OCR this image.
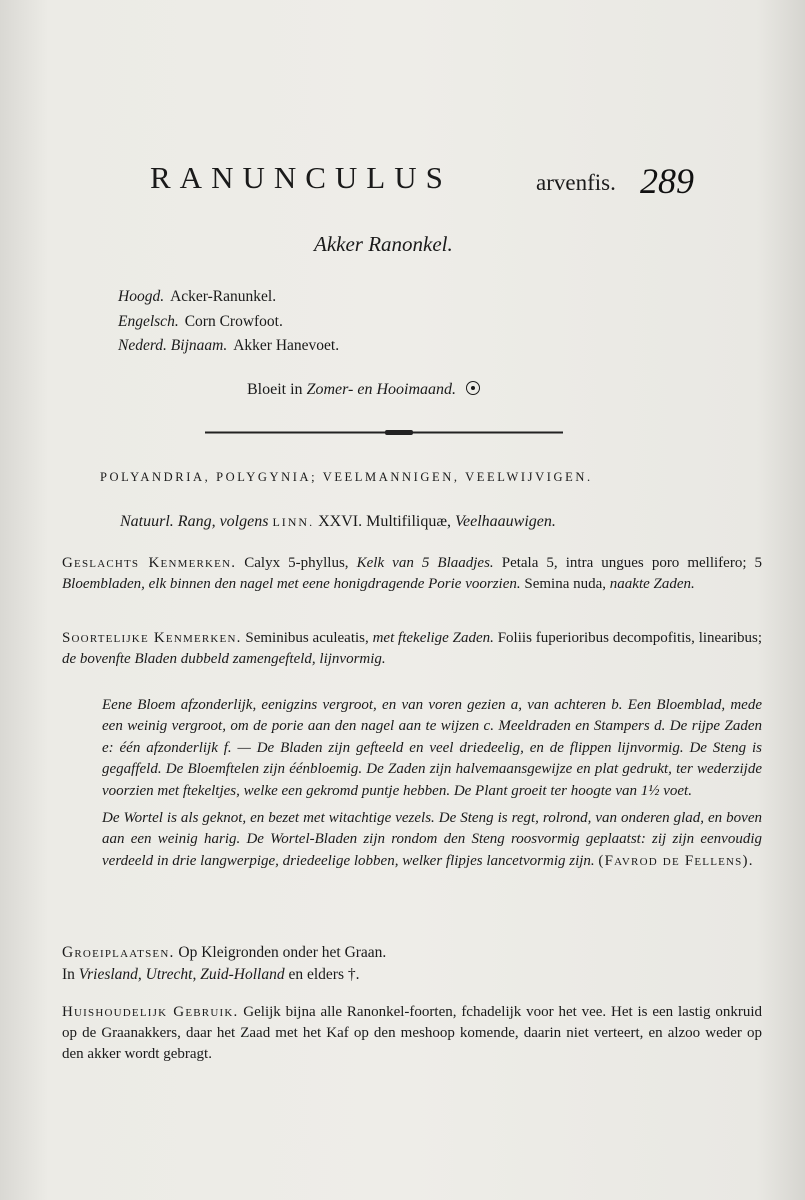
RANUNCULUS	arvenfis. 289
Akker Ranonkel.
Hoogd. Acker-Ranunkel.
Engelsch. Corn Crowfoot.
Nederd. Bijnaam. Akker Hanevoet.
Bloeit in Zomer- en Hooimaand.
POLYANDRIA, POLYGYNIA; VEELMANNIGEN, VEELWIJVIGEN.
Natuurl. Rang, volgens LINN. XXVI. Multifiliquæ, Veelhaauwigen.
Geslachts Kenmerken. Calyx 5-phyllus, Kelk van 5 Blaadjes. Petala 5, intra ungues poro mellifero; 5 Bloembladen, elk binnen den nagel met eene honigdragende Porie voorzien. Semina nuda, naakte Zaden.
Soortelijke Kenmerken. Seminibus aculeatis, met ftekelige Zaden. Foliis fuperioribus decompofitis, linearibus; de bovenfte Bladen dubbeld zamengefteld, lijnvormig.

Eene Bloem afzonderlijk, eenigzins vergroot, en van voren gezien a, van achteren b. Een Bloemblad, mede een weinig vergroot, om de porie aan den nagel aan te wijzen c. Meeldraden en Stampers d. De rijpe Zaden e: één afzonderlijk f. — De Bladen zijn gefteeld en veel driedeelig, en de flippen lijnvormig. De Steng is gegaffeld. De Bloemftelen zijn éénbloemig. De Zaden zijn halvemaansgewijze en plat gedrukt, ter wederzijde voorzien met ftekeltjes, welke een gekromd puntje hebben. De Plant groeit ter hoogte van 1½ voet.

De Wortel is als geknot, en bezet met witachtige vezels. De Steng is regt, rolrond, van onderen glad, en boven aan een weinig harig. De Wortel-Bladen zijn rondom den Steng roosvormig geplaatst: zij zijn eenvoudig verdeeld in drie langwerpige, driedeelige lobben, welker flipjes lancetvormig zijn. (Favrod de Fellens).

Groeiplaatsen. Op Kleigronden onder het Graan.
In Vriesland, Utrecht, Zuid-Holland en elders †.
Huishoudelijk Gebruik. Gelijk bijna alle Ranonkel-foorten, fchadelijk voor het vee. Het is een lastig onkruid op de Graanakkers, daar het Zaad met het Kaf op den meshoop komende, daarin niet verteert, en alzoo weder op den akker wordt gebragt.
